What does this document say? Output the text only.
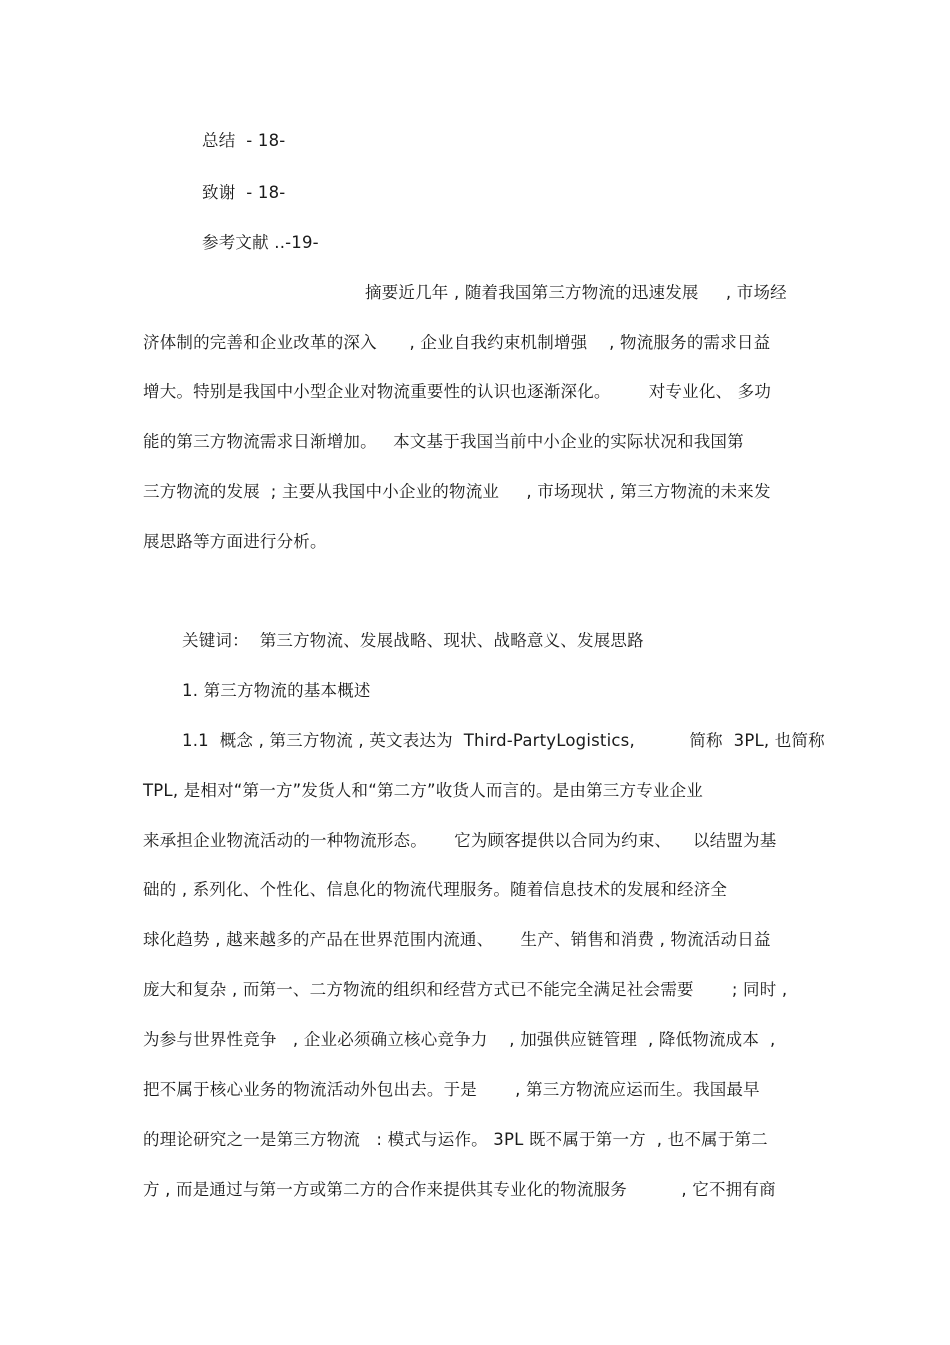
总结  - 18-
致谢  - 18-
参考文献 ..-19-
摘要近几年 , 随着我国第三方物流的迅速发展     , 市场经
济体制的完善和企业改革的深入      , 企业自我约束机制增强    , 物流服务的需求日益
增大。特别是我国中小型企业对物流重要性的认识也逐渐深化。       对专业化、 多功
能的第三方物流需求日渐增加。   本文基于我国当前中小企业的实际状况和我国第
三方物流的发展  ; 主要从我国中小企业的物流业     , 市场现状 , 第三方物流的未来发
展思路等方面进行分析。
关键词：  第三方物流、发展战略、现状、战略意义、发展思路
1. 第三方物流的基本概述
1.1  概念 , 第三方物流 , 英文表达为  Third-PartyLogistics,          简称  3PL, 也简称
TPL, 是相对“第一方”发货人和“第二方”收货人而言的。是由第三方专业企业
来承担企业物流活动的一种物流形态。     它为顾客提供以合同为约束、    以结盟为基
础的 , 系列化、个性化、信息化的物流代理服务。随着信息技术的发展和经济全
球化趋势 , 越来越多的产品在世界范围内流通、     生产、销售和消费 , 物流活动日益
庞大和复杂 , 而第一、二方物流的组织和经营方式已不能完全满足社会需要       ; 同时 ,
为参与世界性竞争   , 企业必须确立核心竞争力    , 加强供应链管理  , 降低物流成本  ,
把不属于核心业务的物流活动外包出去。于是       , 第三方物流应运而生。我国最早
的理论研究之一是第三方物流   : 模式与运作。 3PL 既不属于第一方  , 也不属于第二
方 , 而是通过与第一方或第二方的合作来提供其专业化的物流服务          , 它不拥有商
